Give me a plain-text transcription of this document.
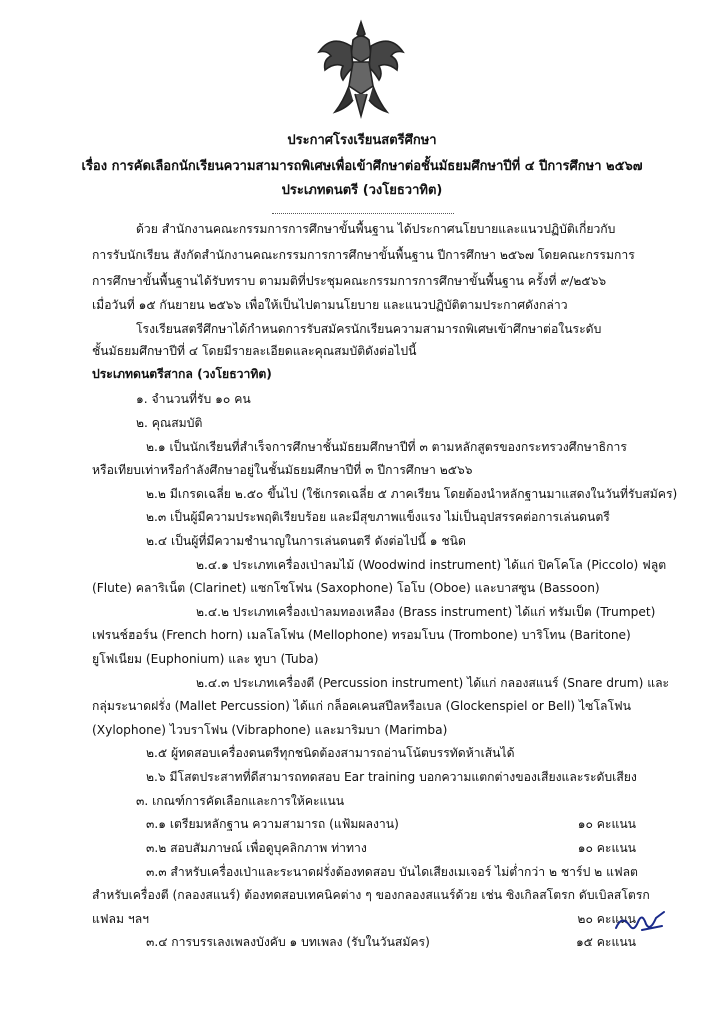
ประกาศโรงเรียนสตรีศึกษา
เรื่อง การคัดเลือกนักเรียนความสามารถพิเศษเพื่อเข้าศึกษาต่อชั้นมัธยมศึกษาปีที่ ๔ ปีการศึกษา ๒๕๖๗
ประเภทดนตรี (วงโยธวาทิต)
ด้วย สำนักงานคณะกรรมการการศึกษาขั้นพื้นฐาน ได้ประกาศนโยบายและแนวปฏิบัติเกี่ยวกับ
การรับนักเรียน สังกัดสำนักงานคณะกรรมการการศึกษาขั้นพื้นฐาน ปีการศึกษา ๒๕๖๗ โดยคณะกรรมการ
การศึกษาขั้นพื้นฐานได้รับทราบ ตามมติที่ประชุมคณะกรรมการการศึกษาขั้นพื้นฐาน ครั้งที่ ๙/๒๕๖๖
เมื่อวันที่ ๑๕ กันยายน ๒๕๖๖ เพื่อให้เป็นไปตามนโยบาย และแนวปฏิบัติตามประกาศดังกล่าว
โรงเรียนสตรีศึกษาได้กำหนดการรับสมัครนักเรียนความสามารถพิเศษเข้าศึกษาต่อในระดับ
ชั้นมัธยมศึกษาปีที่ ๔ โดยมีรายละเอียดและคุณสมบัติดังต่อไปนี้
ประเภทดนตรีสากล (วงโยธวาทิต)
๑. จำนวนที่รับ ๑๐ คน
๒. คุณสมบัติ
๒.๑ เป็นนักเรียนที่สำเร็จการศึกษาชั้นมัธยมศึกษาปีที่ ๓ ตามหลักสูตรของกระทรวงศึกษาธิการ
หรือเทียบเท่าหรือกำลังศึกษาอยู่ในชั้นมัธยมศึกษาปีที่ ๓ ปีการศึกษา ๒๕๖๖
๒.๒ มีเกรดเฉลี่ย ๒.๕๐ ขึ้นไป (ใช้เกรดเฉลี่ย ๕ ภาคเรียน โดยต้องนำหลักฐานมาแสดงในวันที่รับสมัคร)
๒.๓ เป็นผู้มีความประพฤติเรียบร้อย และมีสุขภาพแข็งแรง ไม่เป็นอุปสรรคต่อการเล่นดนตรี
๒.๔ เป็นผู้ที่มีความชำนาญในการเล่นดนตรี ดังต่อไปนี้ ๑ ชนิด
๒.๔.๑ ประเภทเครื่องเป่าลมไม้ (Woodwind instrument) ได้แก่ ปิคโคโล (Piccolo) ฟลูต
(Flute) คลาริเน็ต (Clarinet) แซกโซโฟน (Saxophone) โอโบ (Oboe) และบาสซูน (Bassoon)
๒.๔.๒ ประเภทเครื่องเป่าลมทองเหลือง (Brass instrument) ได้แก่ ทรัมเป็ต (Trumpet)
เฟรนช์ฮอร์น (French horn) เมลโลโฟน (Mellophone) ทรอมโบน (Trombone) บาริโทน (Baritone)
ยูโฟเนียม (Euphonium) และ ทูบา (Tuba)
๒.๔.๓ ประเภทเครื่องตี (Percussion instrument) ได้แก่ กลองสแนร์ (Snare drum) และ
กลุ่มระนาดฝรั่ง (Mallet Percussion) ได้แก่ กล็อคเคนสปีลหรือเบล (Glockenspiel or Bell) ไซโลโฟน
(Xylophone) ไวบราโฟน (Vibraphone) และมาริมบา (Marimba)
๒.๕ ผู้ทดสอบเครื่องดนตรีทุกชนิดต้องสามารถอ่านโน้ตบรรทัดห้าเส้นได้
๒.๖ มีโสตประสาทที่ดีสามารถทดสอบ Ear training บอกความแตกต่างของเสียงและระดับเสียง
๓. เกณฑ์การคัดเลือกและการให้คะแนน
๓.๑ เตรียมหลักฐาน ความสามารถ (แฟ้มผลงาน)	๑๐ คะแนน
๓.๒ สอบสัมภาษณ์ เพื่อดูบุคลิกภาพ ท่าทาง	๑๐ คะแนน
๓.๓ สำหรับเครื่องเป่าและระนาดฝรั่งต้องทดสอบ บันไดเสียงเมเจอร์ ไม่ต่ำกว่า ๒ ชาร์ป ๒ แฟลต
สำหรับเครื่องตี (กลองสแนร์) ต้องทดสอบเทคนิคต่าง ๆ ของกลองสแนร์ด้วย เช่น ซิงเกิลสโตรก ดับเบิลสโตรก
แฟลม ฯลฯ	๒๐ คะแนน
๓.๔ การบรรเลงเพลงบังคับ ๑ บทเพลง (รับในวันสมัคร)	๑๕ คะแนน
